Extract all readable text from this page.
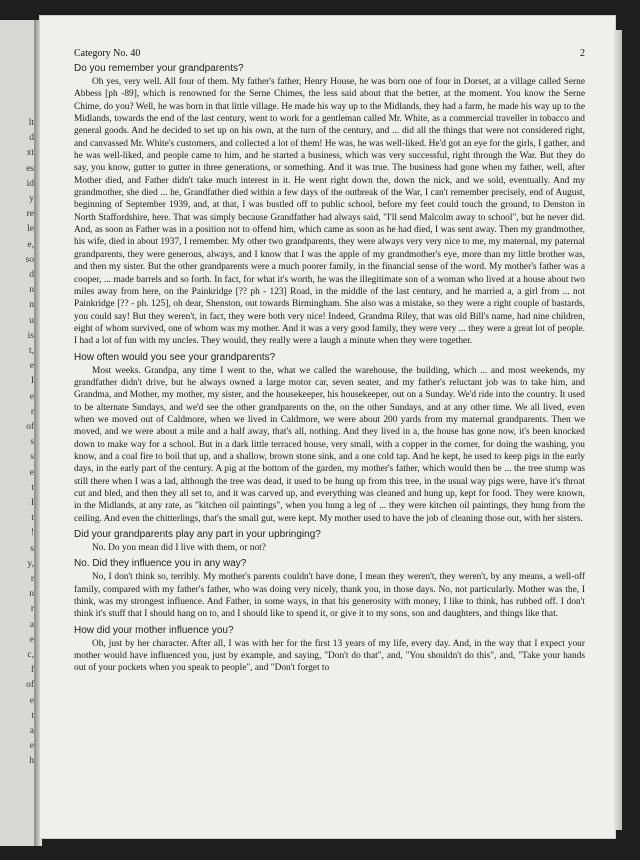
lt
d
xt
es
id
y
re
le
e,
so
d
n
n
u
is
t,
e
I
e
r
of
s
s
e
t
I
t
!
s
y,
r
n
r
a
e
c,
f
of
e
t
a
e
h
Category No. 40	2
Do you remember your grandparents?

Oh yes, very well. All four of them. My father's father, Henry House, he was born one of four in Dorset, at a village called Serne Abbess [ph -89], which is renowned for the Serne Chimes, the less said about that the better, at the moment. You know the Serne Chime, do you? Well, he was born in that little village. He made his way up to the Midlands, they had a farm, he made his way up to the Midlands, towards the end of the last century, went to work for a gentleman called Mr. White, as a commercial traveller in tobacco and general goods. And he decided to set up on his own, at the turn of the century, and ... did all the things that were not considered right, and canvassed Mr. White's customers, and collected a lot of them! He was, he was well-liked. He'd got an eye for the girls, I gather, and he was well-liked, and people came to him, and he started a business, which was very successful, right through the War. But they do say, you know, gutter to gutter in three generations, or something. And it was true. The business had gone when my father, well, after Mother died, and Father didn't take much interest in it. He went right down the, down the nick, and we sold, eventually. And my grandmother, she died ... he, Grandfather died within a few days of the outbreak of the War, I can't remember precisely, end of August, beginning of September 1939, and, at that, I was bustled off to public school, before my feet could touch the ground, to Denston in North Staffordshire, here. That was simply because Grandfather had always said, "I'll send Malcolm away to school", but he never did. And, as soon as Father was in a position not to offend him, which came as soon as he had died, I was sent away. Then my grandmother, his wife, died in about 1937, I remember. My other two grandparents, they were always very very nice to me, my maternal, my paternal grandparents, they were generous, always, and I know that I was the apple of my grandmother's eye, more than my little brother was, and then my sister. But the other grandparents were a much poorer family, in the financial sense of the word. My mother's father was a cooper, ... made barrels and so forth. In fact, for what it's worth, he was the illegitimate son of a woman who lived at a house about two miles away from here, on the Painkridge [?? ph - 123] Road, in the middle of the last century, and he married a, a girl from ... not Painkridge [?? - ph. 125], oh dear, Shenston, out towards Birmingham. She also was a mistake, so they were a right couple of bastards, you could say! But they weren't, in fact, they were both very nice! Indeed, Grandma Riley, that was old Bill's name, had nine children, eight of whom survived, one of whom was my mother. And it was a very good family, they were very ... they were a great lot of people. I had a lot of fun with my uncles. They would, they really were a laugh a minute when they were together.

How often would you see your grandparents?

Most weeks. Grandpa, any time I went to the, what we called the warehouse, the building, which ... and most weekends, my grandfather didn't drive, but he always owned a large motor car, seven seater, and my father's reluctant job was to take him, and Grandma, and Mother, my mother, my sister, and the housekeeper, his housekeeper, out on a Sunday. We'd ride into the country. It used to be alternate Sundays, and we'd see the other grandparents on the, on the other Sundays, and at any other time. We all lived, even when we moved out of Caldmore, when we lived in Caldmore, we were about 200 yards from my maternal grandparents. Then we moved, and we were about a mile and a half away, that's all, nothing. And they lived in a, the house has gone now, it's been knocked down to make way for a school. But in a dark little terraced house, very small, with a copper in the corner, for doing the washing, you know, and a coal fire to boil that up, and a shallow, brown stone sink, and a one cold tap. And he kept, he used to keep pigs in the early days, in the early part of the century. A pig at the bottom of the garden, my mother's father, which would then be ... the tree stump was still there when I was a lad, although the tree was dead, it used to be hung up from this tree, in the usual way pigs were, have it's throat cut and bled, and then they all set to, and it was carved up, and everything was cleaned and hung up, kept for food. They were known, in the Midlands, at any rate, as "kitchen oil paintings", when you hung a leg of ... they were kitchen oil paintings, they hung from the ceiling. And even the chitterlings, that's the small gut, were kept. My mother used to have the job of cleaning those out, with her sisters.

Did your grandparents play any part in your upbringing?

No. Do you mean did I live with them, or not?

No. Did they influence you in any way?

No, I don't think so, terribly. My mother's parents couldn't have done, I mean they weren't, they weren't, by any means, a well-off family, compared with my father's father, who was doing very nicely, thank you, in those days. No, not particularly. Mother was the, I think, was my strongest influence. And Father, in some ways, in that his generosity with money, I like to think, has rubbed off. I don't think it's stuff that I should hang on to, and I should like to spend it, or give it to my sons, son and daughters, and things like that.

How did your mother influence you?

Oh, just by her character. After all, I was with her for the first 13 years of my life, every day. And, in the way that I expect your mother would have influenced you, just by example, and saying, "Don't do that", and, "You shouldn't do this", and, "Take your hands out of your pockets when you speak to people", and "Don't forget to
